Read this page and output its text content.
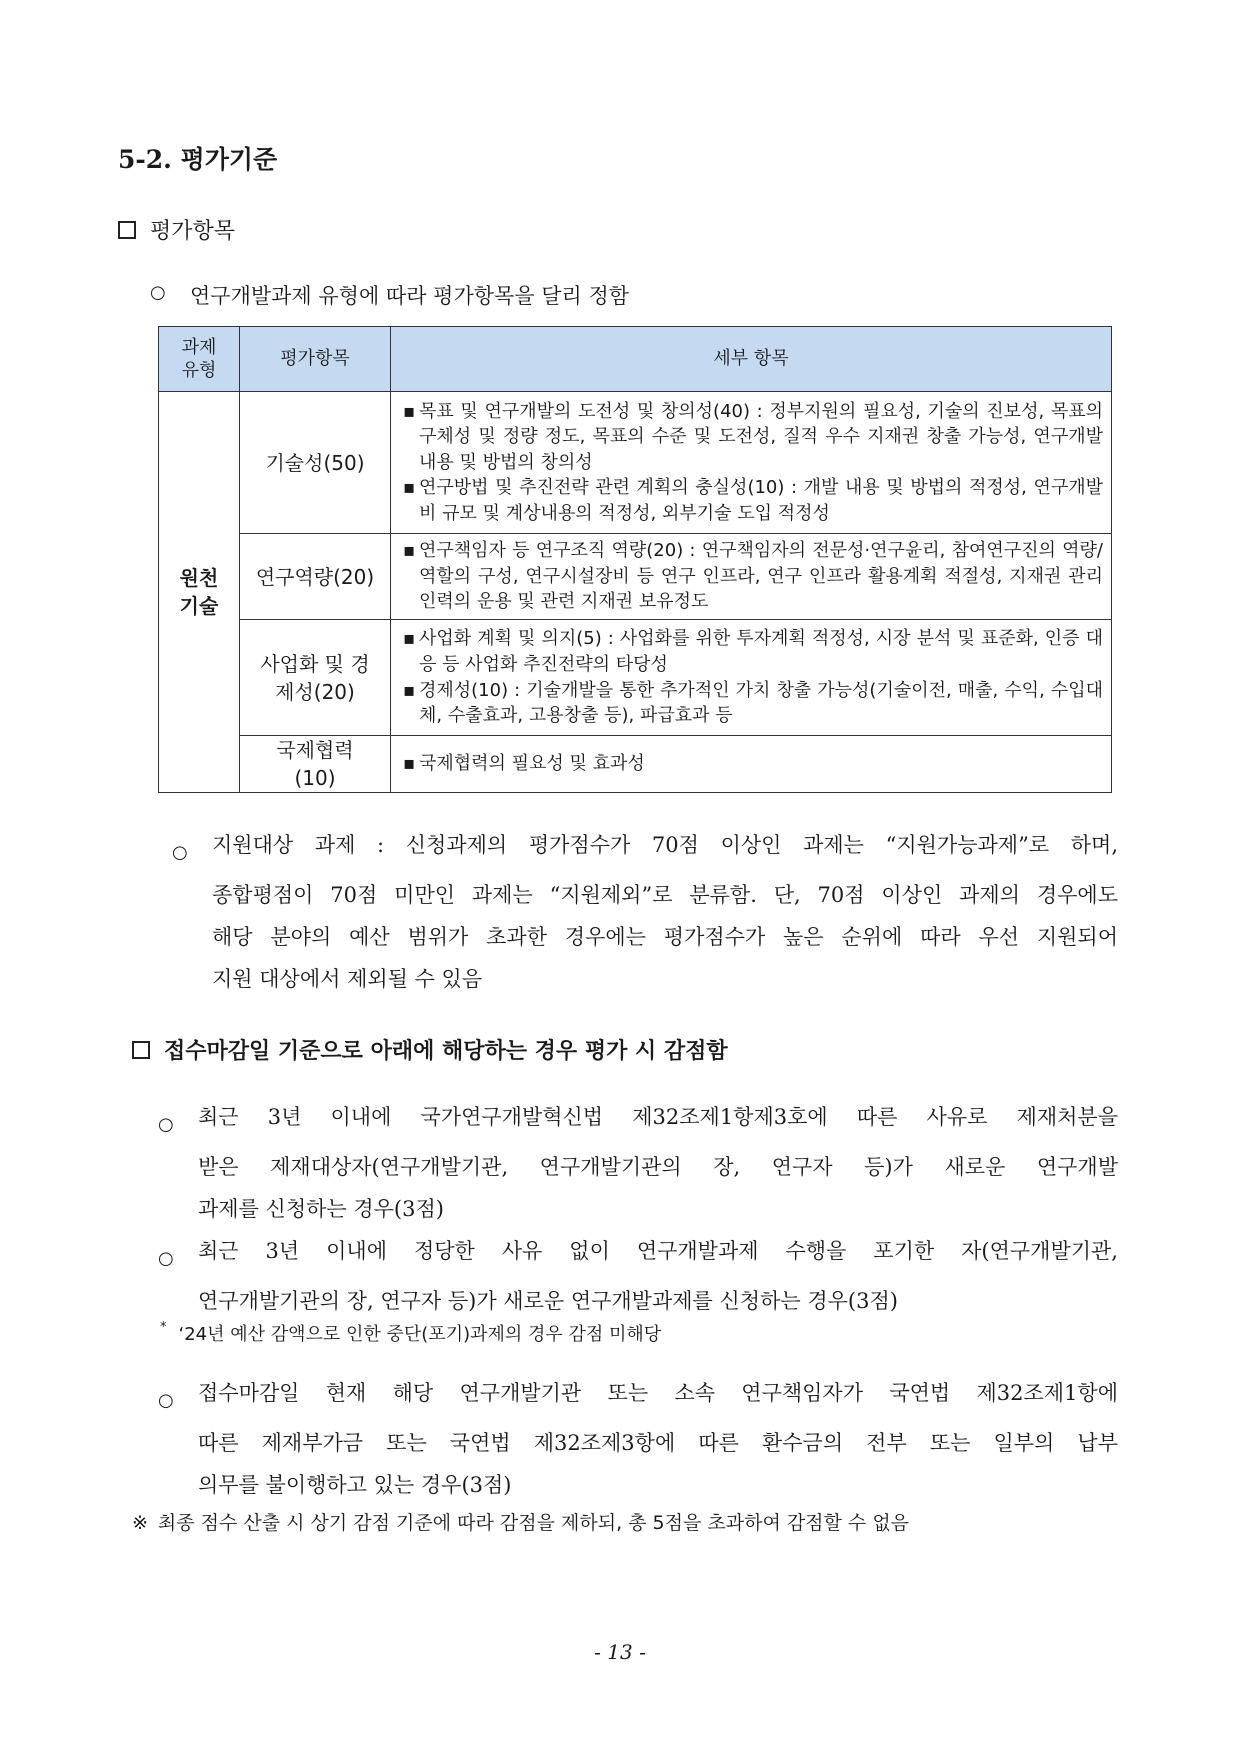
5-2. 평가기준
평가항목
○	연구개발과제 유형에 따라 평가항목을 달리 정함
과제 유형	평가항목	세부 항목
원천 기술	기술성(50)	▪ 목표 및 연구개발의 도전성 및 창의성(40) : 정부지원의 필요성, 기술의 진보성, 목표의 구체성 및 정량 정도, 목표의 수준 및 도전성, 질적 우수 지재권 창출 가능성, 연구개발 내용 및 방법의 창의성
▪ 연구방법 및 추진전략 관련 계획의 충실성(10) : 개발 내용 및 방법의 적정성, 연구개발비 규모 및 계상내용의 적정성, 외부기술 도입 적정성

	연구역량(20)	▪ 연구책임자 등 연구조직 역량(20) : 연구책임자의 전문성·연구윤리, 참여연구진의 역량/역할의 구성, 연구시설장비 등 연구 인프라, 연구 인프라 활용계획 적절성, 지재권 관리인력의 운용 및 관련 지재권 보유정도

	사업화 및 경제성(20)	▪ 사업화 계획 및 의지(5) : 사업화를 위한 투자계획 적정성, 시장 분석 및 표준화, 인증 대응 등 사업화 추진전략의 타당성
▪ 경제성(10) : 기술개발을 통한 추가적인 가치 창출 가능성(기술이전, 매출, 수익, 수입대체, 수출효과, 고용창출 등), 파급효과 등

	국제협력 (10)	▪ 국제협력의 필요성 및 효과성
○	지원대상 과제 : 신청과제의 평가점수가 70점 이상인 과제는 “지원가능과제”로 하며,
종합평점이 70점 미만인 과제는 “지원제외”로 분류함. 단, 70점 이상인 과제의 경우에도
해당 분야의 예산 범위가 초과한 경우에는 평가점수가 높은 순위에 따라 우선 지원되어
지원 대상에서 제외될 수 있음
접수마감일 기준으로 아래에 해당하는 경우 평가 시 감점함
○	최근 3년 이내에 국가연구개발혁신법 제32조제1항제3호에 따른 사유로 제재처분을
받은 제재대상자(연구개발기관, 연구개발기관의 장, 연구자 등)가 새로운 연구개발
과제를 신청하는 경우(3점)
○	최근 3년 이내에 정당한 사유 없이 연구개발과제 수행을 포기한 자(연구개발기관,
연구개발기관의 장, 연구자 등)가 새로운 연구개발과제를 신청하는 경우(3점)
* ‘24년 예산 감액으로 인한 중단(포기)과제의 경우 감점 미해당
○	접수마감일 현재 해당 연구개발기관 또는 소속 연구책임자가 국연법 제32조제1항에
따른 제재부가금 또는 국연법 제32조제3항에 따른 환수금의 전부 또는 일부의 납부
의무를 불이행하고 있는 경우(3점)
※ 최종 점수 산출 시 상기 감점 기준에 따라 감점을 제하되, 총 5점을 초과하여 감점할 수 없음
- 13 -
